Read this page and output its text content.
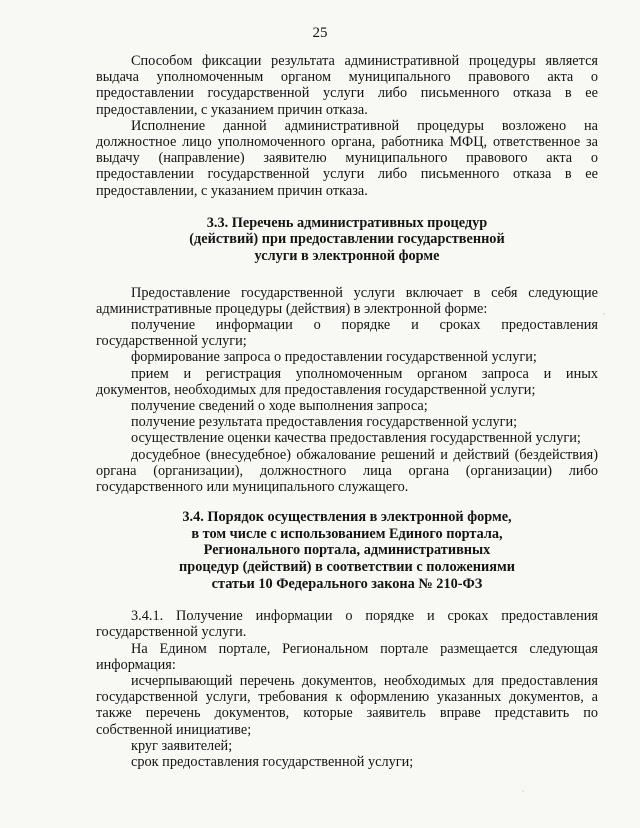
25

Способом фиксации результата административной процедуры является выдача уполномоченным органом муниципального правового акта о предоставлении государственной услуги либо письменного отказа в ее предоставлении, с указанием причин отказа.

Исполнение данной административной процедуры возложено на должностное лицо уполномоченного органа, работника МФЦ, ответственное за выдачу (направление) заявителю муниципального правового акта о предоставлении государственной услуги либо письменного отказа в ее предоставлении, с указанием причин отказа.

3.3. Перечень административных процедур
(действий) при предоставлении государственной
услуги в электронной форме

Предоставление государственной услуги включает в себя следующие административные процедуры (действия) в электронной форме:

получение информации о порядке и сроках предоставления государственной услуги;

формирование запроса о предоставлении государственной услуги;

прием и регистрация уполномоченным органом запроса и иных документов, необходимых для предоставления государственной услуги;

получение сведений о ходе выполнения запроса;

получение результата предоставления государственной услуги;

осуществление оценки качества предоставления государственной услуги;

досудебное (внесудебное) обжалование решений и действий (бездействия) органа (организации), должностного лица органа (организации) либо государственного или муниципального служащего.

3.4. Порядок осуществления в электронной форме,
в том числе с использованием Единого портала,
Регионального портала, административных
процедур (действий) в соответствии с положениями
статьи 10 Федерального закона № 210-ФЗ

3.4.1. Получение информации о порядке и сроках предоставления государственной услуги.

На Едином портале, Региональном портале размещается следующая информация:

исчерпывающий перечень документов, необходимых для предоставления государственной услуги, требования к оформлению указанных документов, а также перечень документов, которые заявитель вправе представить по собственной инициативе;

круг заявителей;

срок предоставления государственной услуги;
